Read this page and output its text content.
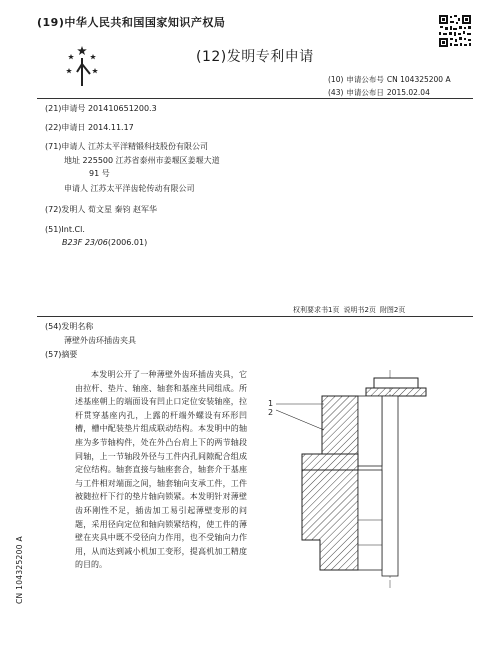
(19)中华人民共和国国家知识产权局
(12)发明专利申请
(10) 申请公布号 CN 104325200 A
(43) 申请公布日 2015.02.04
(21)申请号 201410651200.3
(22)申请日 2014.11.17
(71)申请人 江苏太平洋精锻科技股份有限公司
地址 225500 江苏省泰州市姜堰区姜堰大道
91 号
申请人 江苏太平洋齿轮传动有限公司
(72)发明人 荀文星 秦钧 赵军华
(51)Int.Cl.
B23F 23/06(2006.01)
权利要求书1页 说明书2页 附图2页
(54)发明名称
薄壁外齿环插齿夹具
(57)摘要
本发明公开了一种薄壁外齿环插齿夹具，它由拉杆、垫片、轴座、轴套和基座共同组成。所述基座朝上的端面设有凹止口定位安装轴座，拉杆贯穿基座内孔，上露的杆端外螺设有环形凹槽，槽中配装垫片组成联动结构。本发明中的轴座为多节轴构件，处在外凸台肩上下的两节轴段同轴，上一节轴段外径与工件内孔间隙配合组成定位结构。轴套直接与轴座套合，轴套介于基座与工件相对端面之间，轴套轴向支承工件，工件被随拉杆下行的垫片轴向锁紧。本发明针对薄壁齿环刚性不足，插齿加工易引起薄壁变形的问题，采用径向定位和轴向锁紧结构，使工件的薄壁在夹具中既不受径向力作用，也不受轴向力作用，从而达到减小机加工变形，提高机加工精度的目的。
1
2
CN 104325200 A
